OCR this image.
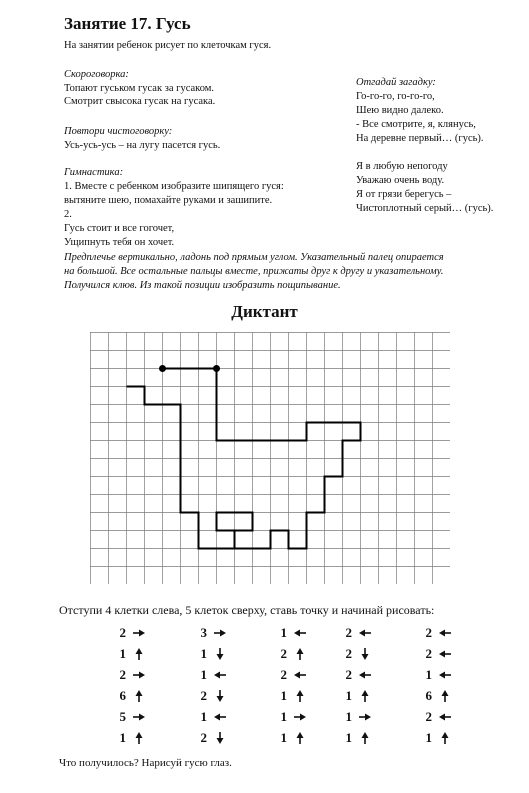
Занятие 17. Гусь
На занятии ребенок рисует по клеточкам гуся.
Скороговорка:
Топают гуськом гусак за гусаком.
Смотрит свысока гусак на гусака.
Повтори чистоговорку:
Усь-усь-усь – на лугу пасется гусь.
Гимнастика:
1. Вместе с ребенком изобразите шипящего гуся:
вытяните шею, помахайте руками и зашипите.
2.
Гусь стоит и все гогочет,
Ущипнуть тебя он хочет.
Предплечье вертикально, ладонь под прямым углом. Указательный палец опирается
на большой. Все остальные пальцы вместе, прижаты друг к другу и указательному.
Получился клюв. Из такой позиции изобразить пощипывание.
Отгадай загадку:
Го-го-го, го-го-го,
Шею видно далеко.
- Все смотрите, я, клянусь,
На деревне первый… (гусь).
Я в любую непогоду
Уважаю очень воду.
Я от грязи берегусь –
Чистоплотный серый… (гусь).
Диктант
Отступи 4 клетки слева, 5 клеток сверху, ставь точку и начинай рисовать:
2
1
2
6
5
1
3
1
1
2
1
2
1
2
2
1
1
1
2
2
2
1
1
1
2
2
1
6
2
1
Что получилось? Нарисуй гусю глаз.
